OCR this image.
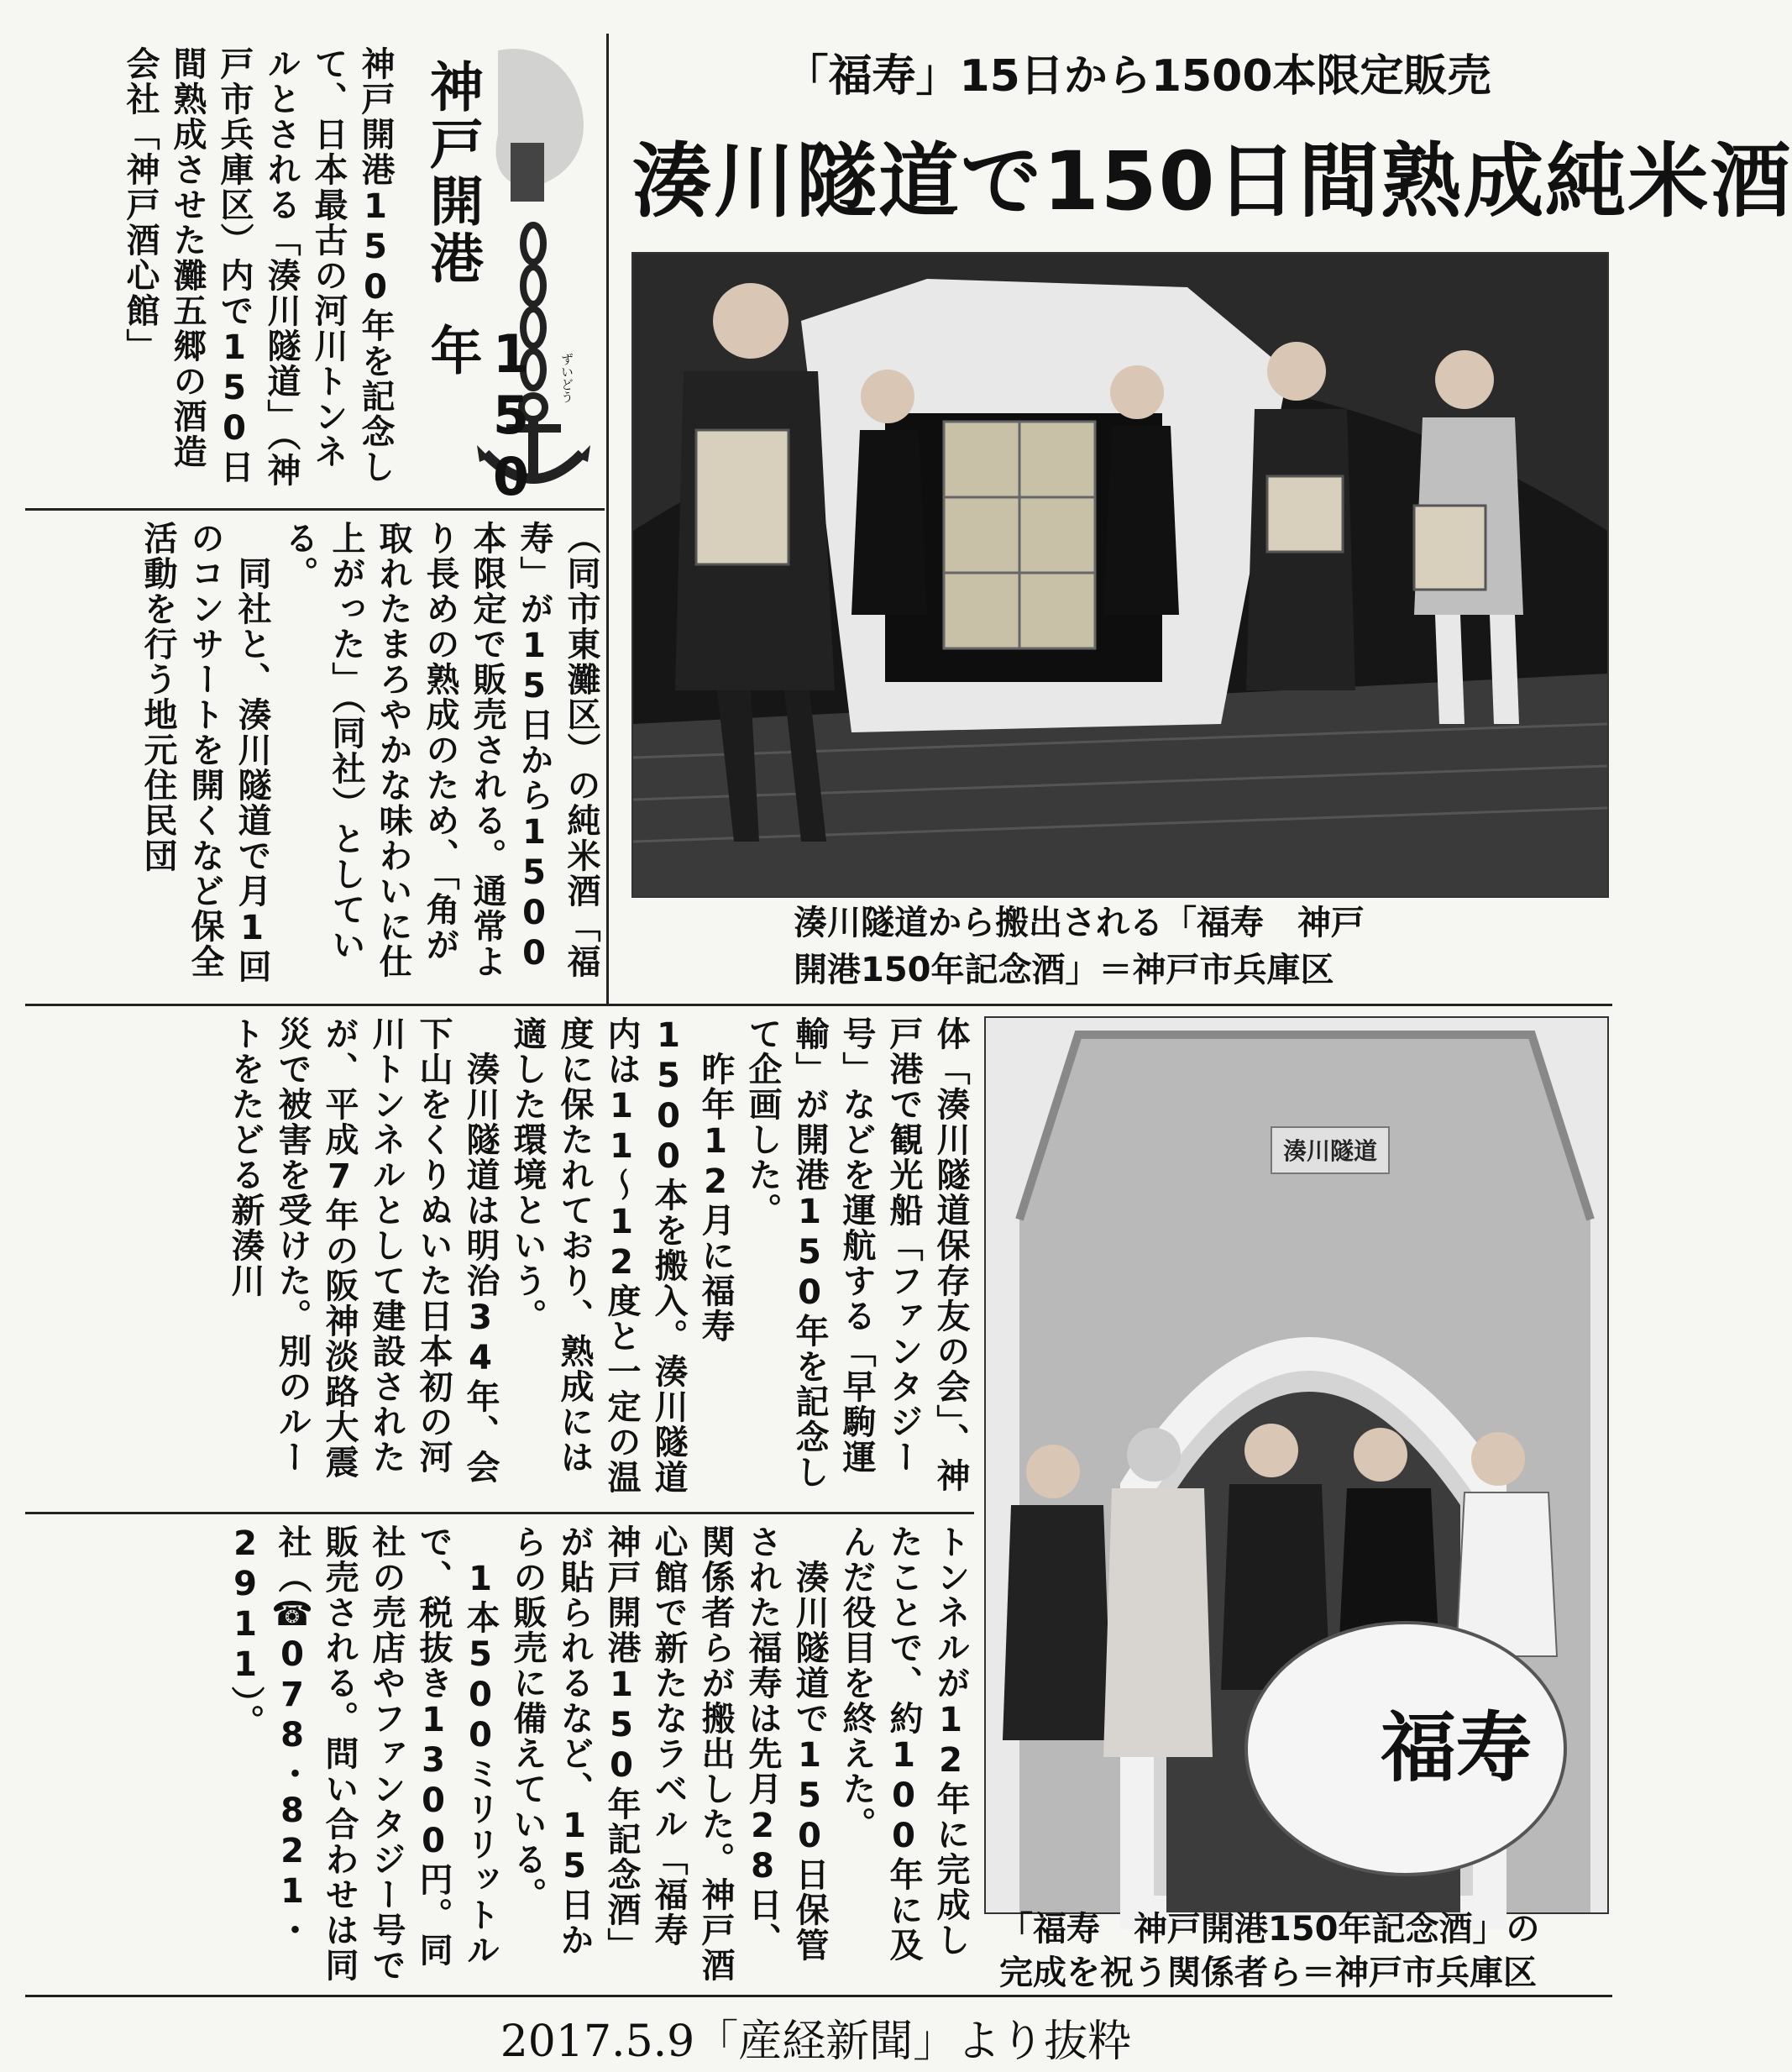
「福寿」15日から1500本限定販売
湊川隧道で150日間熟成純米酒
神戸開港
150年
神戸開港150年を記念して、日本最古の河川トンネルとされる「湊川隧道」（神戸市兵庫区）内で150日間熟成させた灘五郷の酒造会社「神戸酒心館」
（同市東灘区）の純米酒「福寿」が15日から1500本限定で販売される。通常より長めの熟成のため、「角が取れたまろやかな味わいに仕上がった」（同社）としている。
　同社と、湊川隧道で月1回のコンサートを開くなど保全活動を行う地元住民団
体「湊川隧道保存友の会」、神戸港で観光船「ファンタジー号」などを運航する「早駒運輸」が開港150年を記念して企画した。
　昨年12月に福寿1500本を搬入。湊川隧道内は11～12度と一定の温度に保たれており、熟成には適した環境という。
　湊川隧道は明治34年、会下山をくりぬいた日本初の河川トンネルとして建設されたが、平成7年の阪神淡路大震災で被害を受けた。別のルートをたどる新湊川
トンネルが12年に完成したことで、約100年に及んだ役目を終えた。
　湊川隧道で150日保管された福寿は先月28日、関係者らが搬出した。神戸酒心館で新たなラベル「福寿　神戸開港150年記念酒」が貼られるなど、15日からの販売に備えている。
　1本500ミリリットルで、税抜き1300円。同社の売店やファンタジー号で販売される。問い合わせは同社（☎078・821・2911）。
ずいどう
湊川隧道から搬出される「福寿　神戸
開港150年記念酒」＝神戸市兵庫区
湊川隧道
福寿
「福寿　神戸開港150年記念酒」の
完成を祝う関係者ら＝神戸市兵庫区
2017.5.9「産経新聞」より抜粋
